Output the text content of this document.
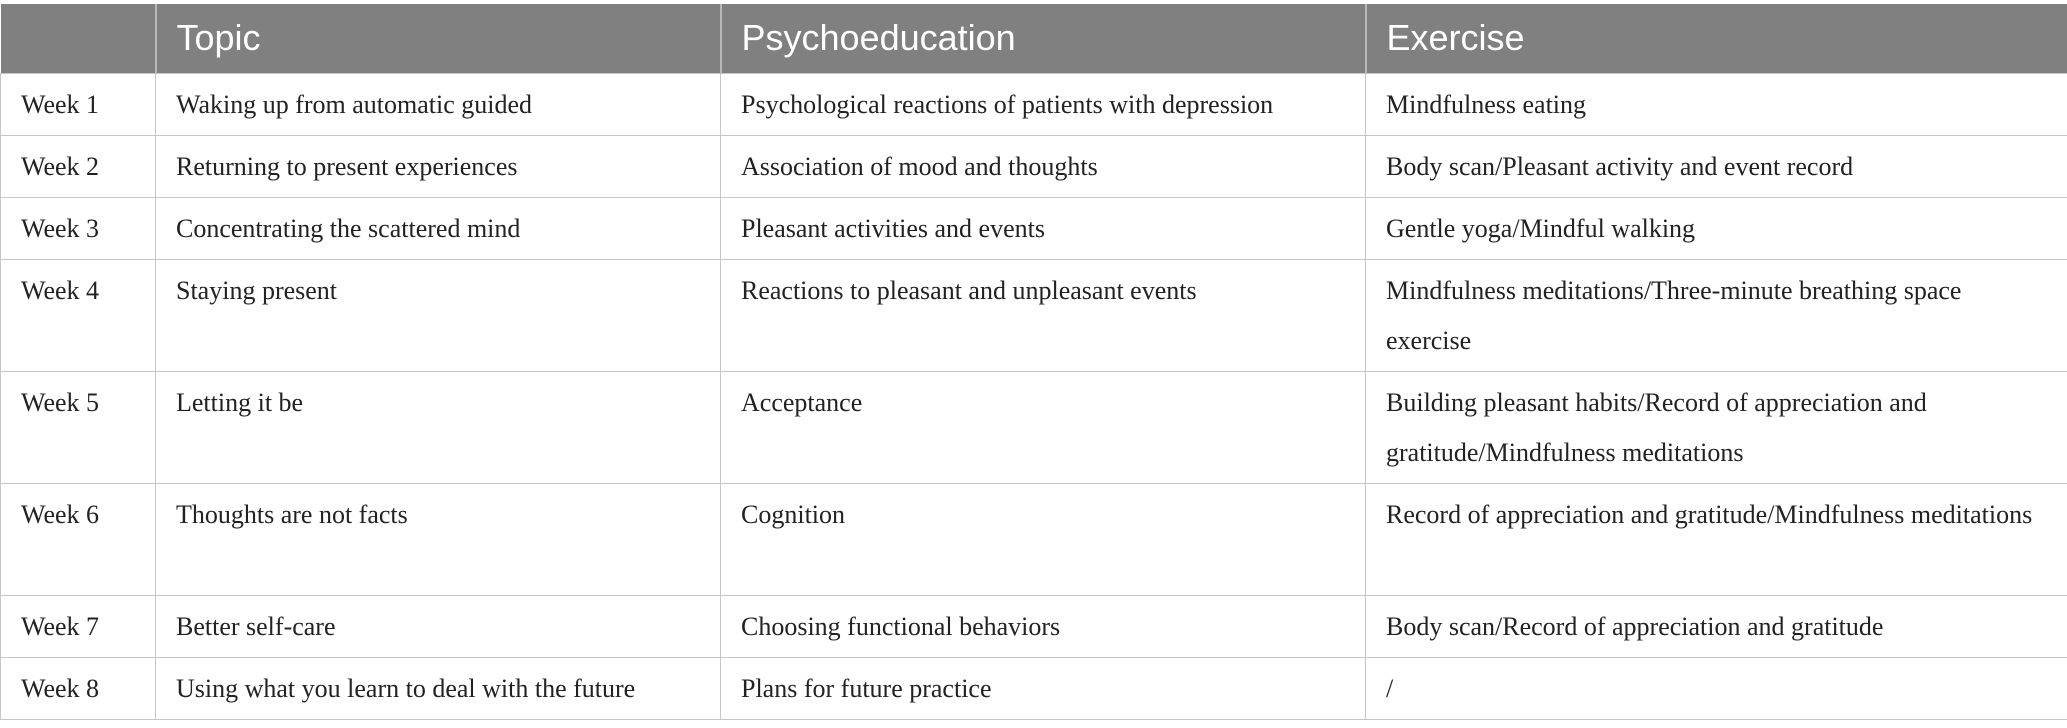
	Topic	Psychoeducation	Exercise
Week 1	Waking up from automatic guided	Psychological reactions of patients with depression	Mindfulness eating
Week 2	Returning to present experiences	Association of mood and thoughts	Body scan/Pleasant activity and event record
Week 3	Concentrating the scattered mind	Pleasant activities and events	Gentle yoga/Mindful walking
Week 4	Staying present	Reactions to pleasant and unpleasant events	Mindfulness meditations/Three-minute breathing space exercise
Week 5	Letting it be	Acceptance	Building pleasant habits/Record of appreciation and gratitude/Mindfulness meditations
Week 6	Thoughts are not facts	Cognition	Record of appreciation and gratitude/Mindfulness meditations
Week 7	Better self-care	Choosing functional behaviors	Body scan/Record of appreciation and gratitude
Week 8	Using what you learn to deal with the future	Plans for future practice	/
